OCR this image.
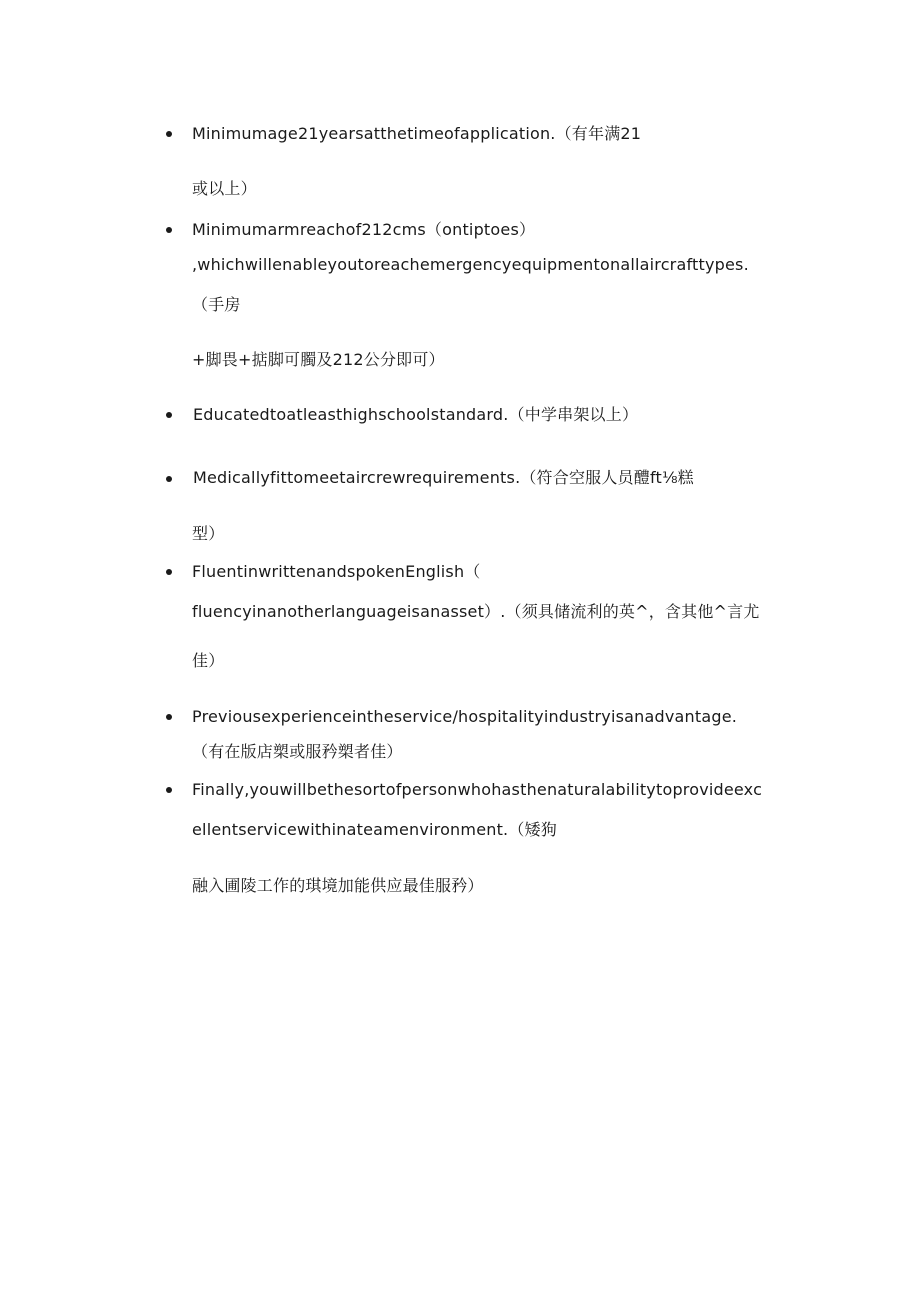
Minimumage21yearsatthetimeofapplication.（有年满21
或以上）
Minimumarmreachof212cms（ontiptoes）
,whichwillenableyoutoreachemergencyequipmentonallaircrafttypes.
（手房
+脚畏+掂脚可臅及212公分即可）
Educatedtoatleasthighschoolstandard.（中学串架以上）
Medicallyfittomeetaircrewrequirements.（符合空服人员醴ft⅛糕
型）
FluentinwrittenandspokenEnglish（
fluencyinanotherlanguageisanasset）.（须具储流利的英^，含其他^言尤
佳）
Previousexperienceintheservice/hospitalityindustryisanadvantage.
（有在版店槊或服矜槊者佳）
Finally,youwillbethesortofpersonwhohasthenaturalabilitytoprovideexc
ellentservicewithinateamenvironment.（矮狗
融入圃陵工作的琪境加能供应最佳服矜）
